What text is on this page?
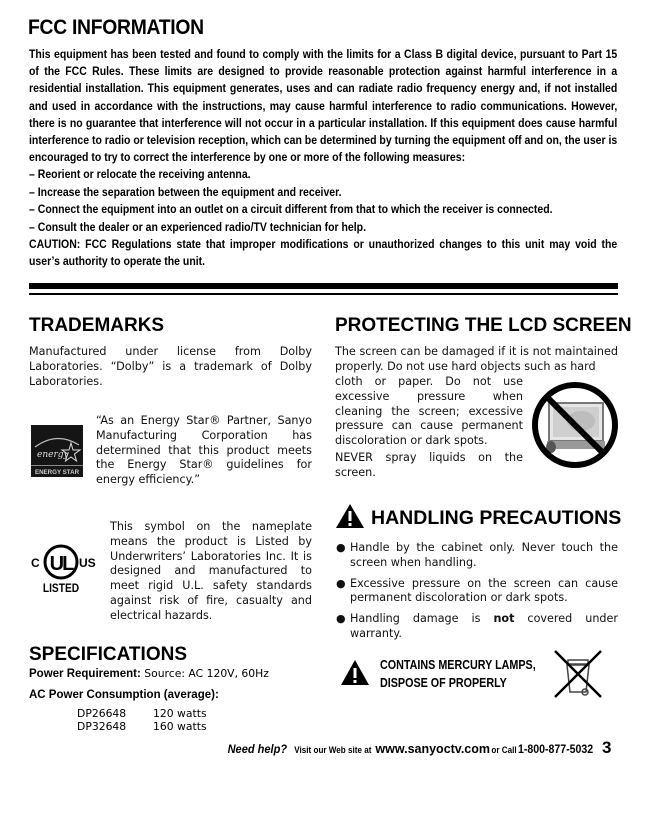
FCC INFORMATION

This equipment has been tested and found to comply with the limits for a Class B digital device, pursuant to Part 15 of the FCC Rules. These limits are designed to provide reasonable protection against harmful interference in a residential installation. This equipment generates, uses and can radiate radio frequency energy and, if not installed and used in accordance with the instructions, may cause harmful interference to radio communications. However, there is no guarantee that interference will not occur in a particular installation. If this equipment does cause harmful interference to radio or television reception, which can be determined by turning the equipment off and on, the user is encouraged to try to correct the interference by one or more of the following measures:

– Reorient or relocate the receiving antenna.
– Increase the separation between the equipment and receiver.
– Connect the equipment into an outlet on a circuit different from that to which the receiver is connected.
– Consult the dealer or an experienced radio/TV technician for help.
CAUTION: FCC Regulations state that improper modifications or unauthorized changes to this unit may void the user’s authority to operate the unit.
TRADEMARKS
Manufactured under license from Dolby Laboratories. “Dolby” is a trademark of Dolby Laboratories.
energy
ENERGY STAR
“As an Energy Star® Partner, Sanyo Manufacturing Corporation has determined that this product meets the Energy Star® guidelines for energy efficiency.”
C UL US
LISTED
This symbol on the nameplate means the product is Listed by Underwriters’ Laboratories Inc. It is designed and manufactured to meet rigid U.L. safety standards against risk of fire, casualty and electrical hazards.
PROTECTING THE LCD SCREEN
The screen can be damaged if it is not maintained properly. Do not use hard objects such as hard
cloth or paper. Do not use excessive pressure when cleaning the screen; excessive pressure can cause permanent discoloration or dark spots.
NEVER spray liquids on the screen.
HANDLING PRECAUTIONS
● Handle by the cabinet only. Never touch the screen when handling.
● Excessive pressure on the screen can cause permanent discoloration or dark spots.
● Handling damage is not covered under warranty.
SPECIFICATIONS
Power Requirement: Source: AC 120V, 60Hz
AC Power Consumption (average):
DP26648	120 watts
DP32648	160 watts
CONTAINS MERCURY LAMPS,
DISPOSE OF PROPERLY
Need help?Visit our Web site atwww.sanyoctv.comor Call1-800-877-5032 3
